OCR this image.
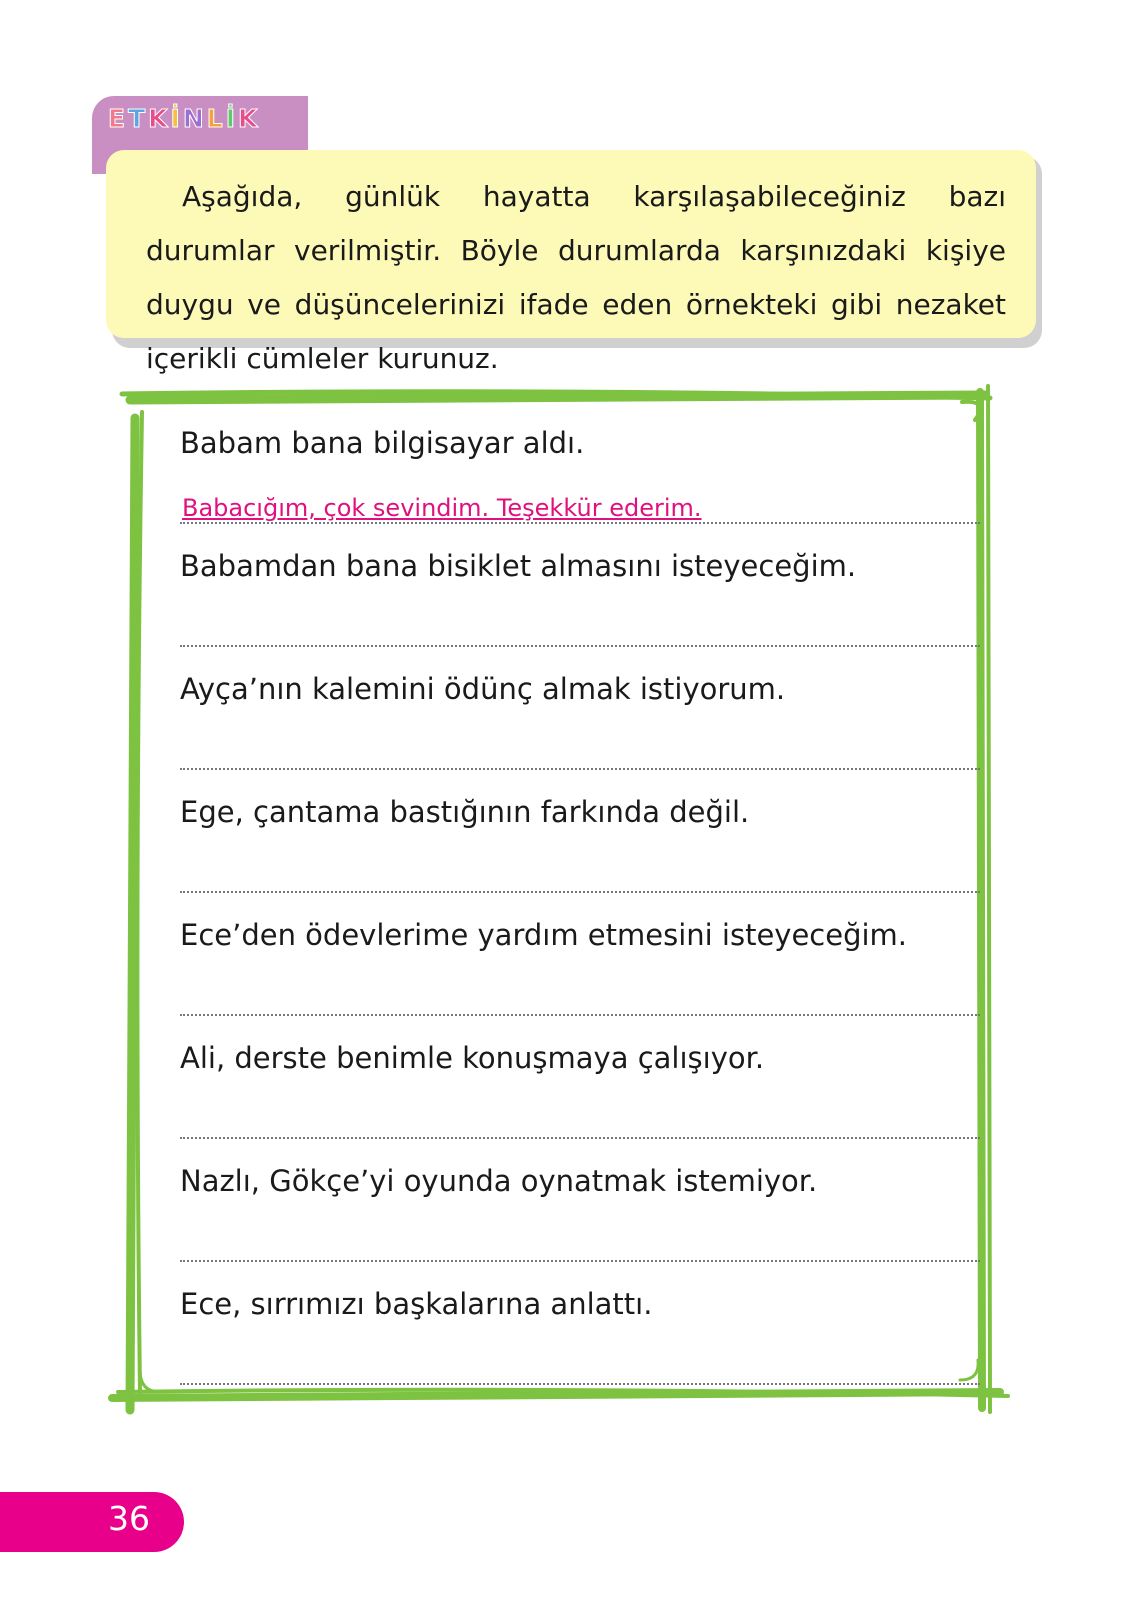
ETKİNLİK

Aşağıda, günlük hayatta karşılaşabileceğiniz bazı durumlar verilmiştir. Böyle durumlarda karşınızdaki kişiye duygu ve düşüncelerinizi ifade eden örnekteki gibi nezaket içerikli cümleler kurunuz.

Babam bana bilgisayar aldı.
Babacığım, çok sevindim. Teşekkür ederim.
Babamdan bana bisiklet almasını isteyeceğim.
Ayça’nın kalemini ödünç almak istiyorum.
Ege, çantama bastığının farkında değil.
Ece’den ödevlerime yardım etmesini isteyeceğim.
Ali, derste benimle konuşmaya çalışıyor.
Nazlı, Gökçe’yi oyunda oynatmak istemiyor.
Ece, sırrımızı başkalarına anlattı.
36
